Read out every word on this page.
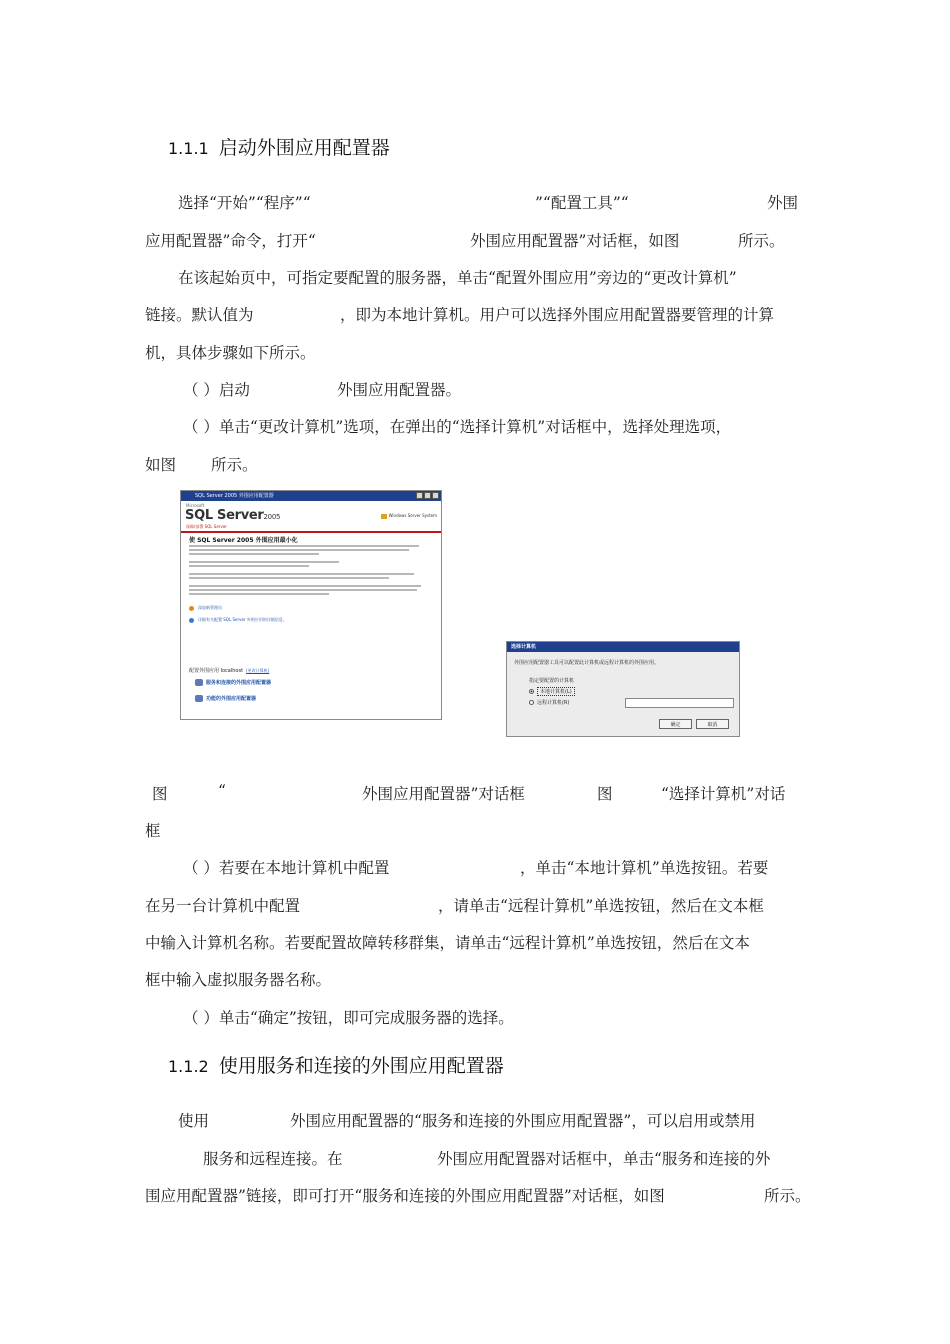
1.1.1 启动外围应用配置器
选择“开始”“程序”“	”“配置工具”“	外围
应用配置器”命令，打开“	外围应用配置器”对话框，如图	所示。
在该起始页中，可指定要配置的服务器，单击“配置外围应用”旁边的“更改计算机”
链接。默认值为	，即为本地计算机。用户可以选择外围应用配置器要管理的计算
机，具体步骤如下所示。
（ ）启动	外围应用配置器。
（ ）单击“更改计算机”选项，在弹出的“选择计算机”对话框中，选择处理选项，
如图 所示。
SQL Server 2005 外围应用配置器
Microsoft
SQL Server2005
保障/部署 SQL Server
Windows Server System
使 SQL Server 2005 外围应用最小化
添加新管理员
详细有关配置 SQL Server 外围应用的详细信息。
配置外围应用 localhost (更改计算机)
服务和连接的外围应用配置器
功能的外围应用配置器
选择计算机
外围应用配置器工具可以配置此计算机或远程计算机的外围应用。
指定要配置的计算机
本地计算机(L)
远程计算机(R)
确定	取消
图	“	外围应用配置器”对话框	图	“选择计算机”对话
框
（ ）若要在本地计算机中配置	，单击“本地计算机”单选按钮。若要
在另一台计算机中配置	，请单击“远程计算机”单选按钮，然后在文本框
中输入计算机名称。若要配置故障转移群集，请单击“远程计算机”单选按钮，然后在文本
框中输入虚拟服务器名称。
（ ）单击“确定”按钮，即可完成服务器的选择。
1.1.2 使用服务和连接的外围应用配置器
使用	外围应用配置器的“服务和连接的外围应用配置器”，可以启用或禁用
服务和远程连接。在	外围应用配置器对话框中，单击“服务和连接的外
围应用配置器”链接，即可打开“服务和连接的外围应用配置器”对话框，如图	所示。
